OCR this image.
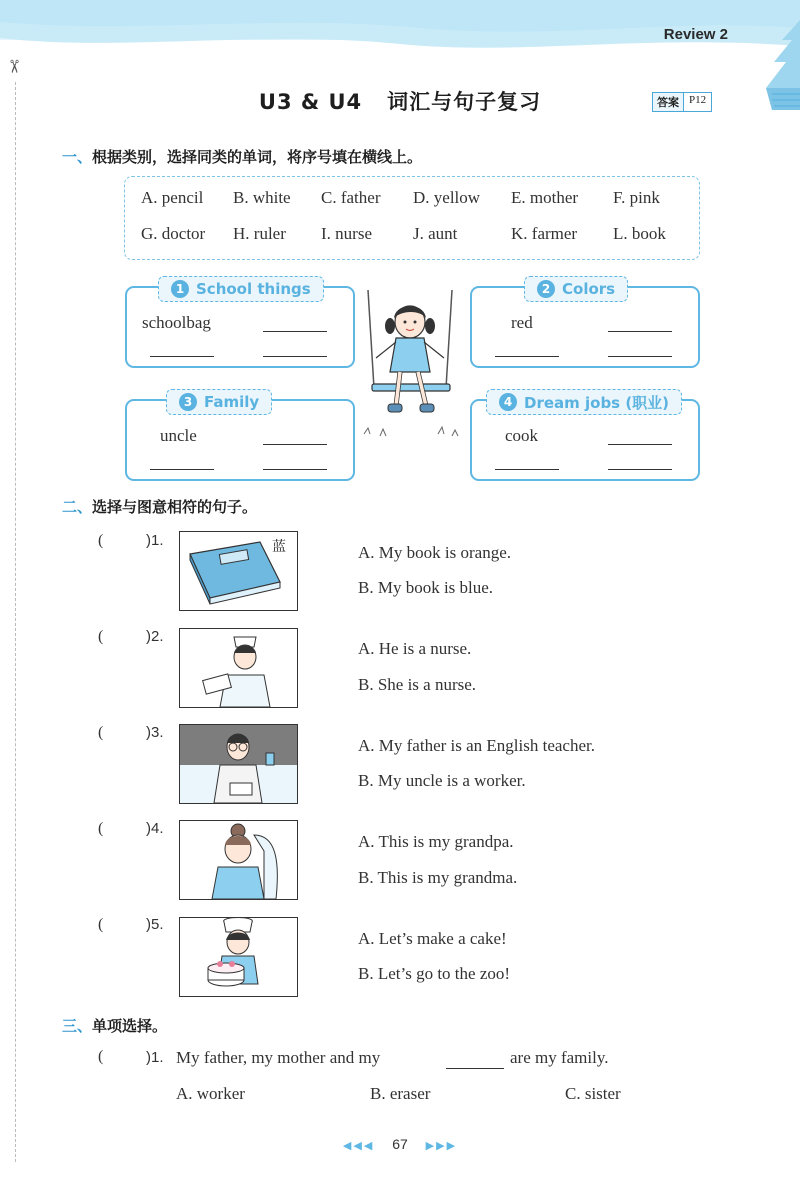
✂
Review 2
U3 & U4   词汇与句子复习	答案 P12
一、根据类别，选择同类的单词，将序号填在横线上。
A. pencil B. white C. father D. yellow E. mother F. pink
G. doctor H. ruler I. nurse J. aunt	K. farmer L. book
1 School things
schoolbag
2 Colors
red
3 Family
uncle
4 Dream jobs (职业)
cook
二、选择与图意相符的句子。
(	)1.	蓝	A. My book is orange.
B. My book is blue.
(	)2.
A. He is a nurse.
B. She is a nurse.
(	)3.
A. My father is an English teacher.
B. My uncle is a worker.
(	)4.
A. This is my grandpa.
B. This is my grandma.
(	)5.
A. Let’s make a cake!
B. Let’s go to the zoo!
三、单项选择。
(	)1. My father, my mother and my	are my family.
A. worker	B. eraser	C. sister
◀◀◀ 67 ▶▶▶
